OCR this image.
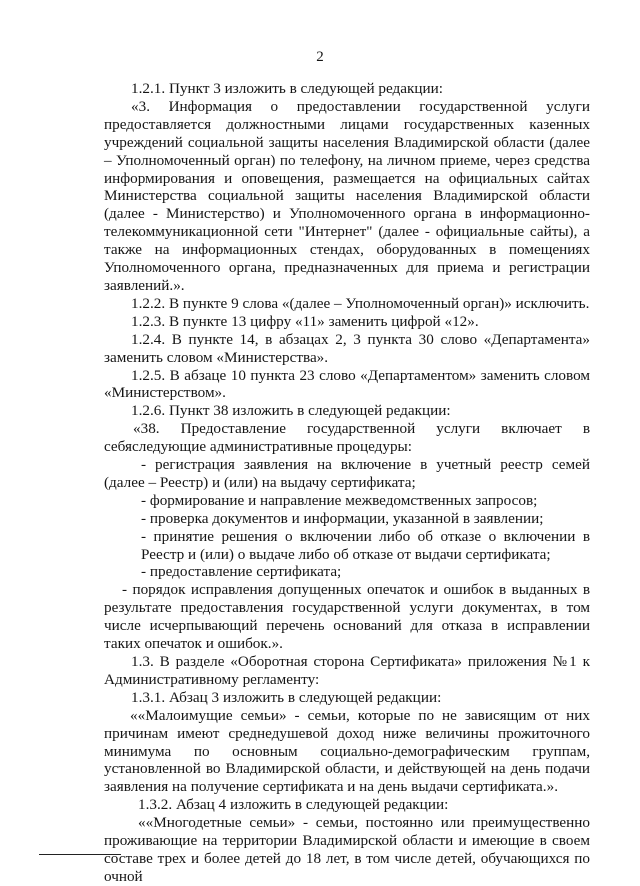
2

1.2.1. Пункт 3 изложить в следующей редакции:

«3. Информация о предоставлении государственной услуги предоставляется должностными лицами государственных казенных учреждений социальной защиты населения Владимирской области (далее – Уполномоченный орган) по телефону, на личном приеме, через средства информирования и оповещения, размещается на официальных сайтах Министерства социальной защиты населения Владимирской области (далее - Министерство) и Уполномоченного органа в информационно-телекоммуникационной сети "Интернет" (далее - официальные сайты), а также на информационных стендах, оборудованных в помещениях Уполномоченного органа, предназначенных для приема и регистрации заявлений.».

1.2.2. В пункте 9 слова «(далее – Уполномоченный орган)» исключить.

1.2.3. В пункте 13 цифру «11» заменить цифрой «12».

1.2.4. В пункте 14, в абзацах 2, 3 пункта 30 слово «Департамента» заменить словом «Министерства».

1.2.5. В абзаце 10 пункта 23 слово «Департаментом» заменить словом «Министерством».

1.2.6. Пункт 38 изложить в следующей редакции:

«38. Предоставление государственной услуги включает в себяследующие административные процедуры:

- регистрация заявления на включение в учетный реестр семей (далее – Реестр) и (или) на выдачу сертификата;

- формирование и направление межведомственных запросов;

- проверка документов и информации, указанной в заявлении;

- принятие решения о включении либо об отказе о включении в Реестр и (или) о выдаче либо об отказе от выдачи сертификата;

- предоставление сертификата;

- порядок исправления допущенных опечаток и ошибок в выданных в результате предоставления государственной услуги документах, в том числе исчерпывающий перечень оснований для отказа в исправлении таких опечаток и ошибок.».

1.3. В разделе «Оборотная сторона Сертификата» приложения №1 к Административному регламенту:

1.3.1. Абзац 3 изложить в следующей редакции:

««Малоимущие семьи» - семьи, которые по не зависящим от них причинам имеют среднедушевой доход ниже величины прожиточного минимума по основным социально-демографическим группам, установленной во Владимирской области, и действующей на день подачи заявления на получение сертификата и на день выдачи сертификата.».

1.3.2. Абзац 4 изложить в следующей редакции:

««Многодетные семьи» - семьи, постоянно или преимущественно проживающие на территории Владимирской области и имеющие в своем составе трех и более детей до 18 лет, в том числе детей, обучающихся по очной
